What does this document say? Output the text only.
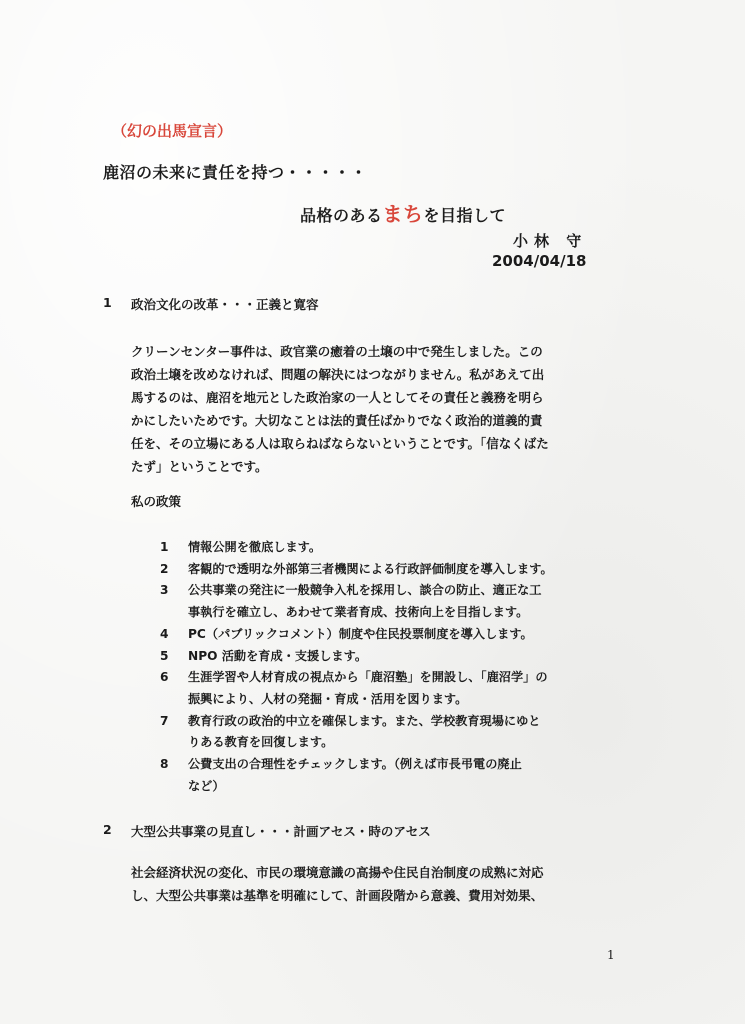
（幻の出馬宣言）
鹿沼の未来に責任を持つ・・・・・
品格のあるまちを目指して
小林 守
2004/04/18
1 政治文化の改革・・・正義と寛容
クリーンセンター事件は、政官業の癒着の土壌の中で発生しました。この
政治土壌を改めなければ、問題の解決にはつながりません。私があえて出
馬するのは、鹿沼を地元とした政治家の一人としてその責任と義務を明ら
かにしたいためです。大切なことは法的責任ばかりでなく政治的道義的責
任を、その立場にある人は取らねばならないということです。「信なくばた
たず」ということです。
私の政策
1 情報公開を徹底します。
2 客観的で透明な外部第三者機関による行政評価制度を導入します。
3 公共事業の発注に一般競争入札を採用し、談合の防止、適正な工
事執行を確立し、あわせて業者育成、技術向上を目指します。
4 PC（パブリックコメント）制度や住民投票制度を導入します。
5 NPO 活動を育成・支援します。
6 生涯学習や人材育成の視点から「鹿沼塾」を開設し、「鹿沼学」の
振興により、人材の発掘・育成・活用を図ります。
7 教育行政の政治的中立を確保します。また、学校教育現場にゆと
りある教育を回復します。
8 公費支出の合理性をチェックします。（例えば市長弔電の廃止
など）
2 大型公共事業の見直し・・・計画アセス・時のアセス
社会経済状況の変化、市民の環境意識の高揚や住民自治制度の成熟に対応
し、大型公共事業は基準を明確にして、計画段階から意義、費用対効果、
1
